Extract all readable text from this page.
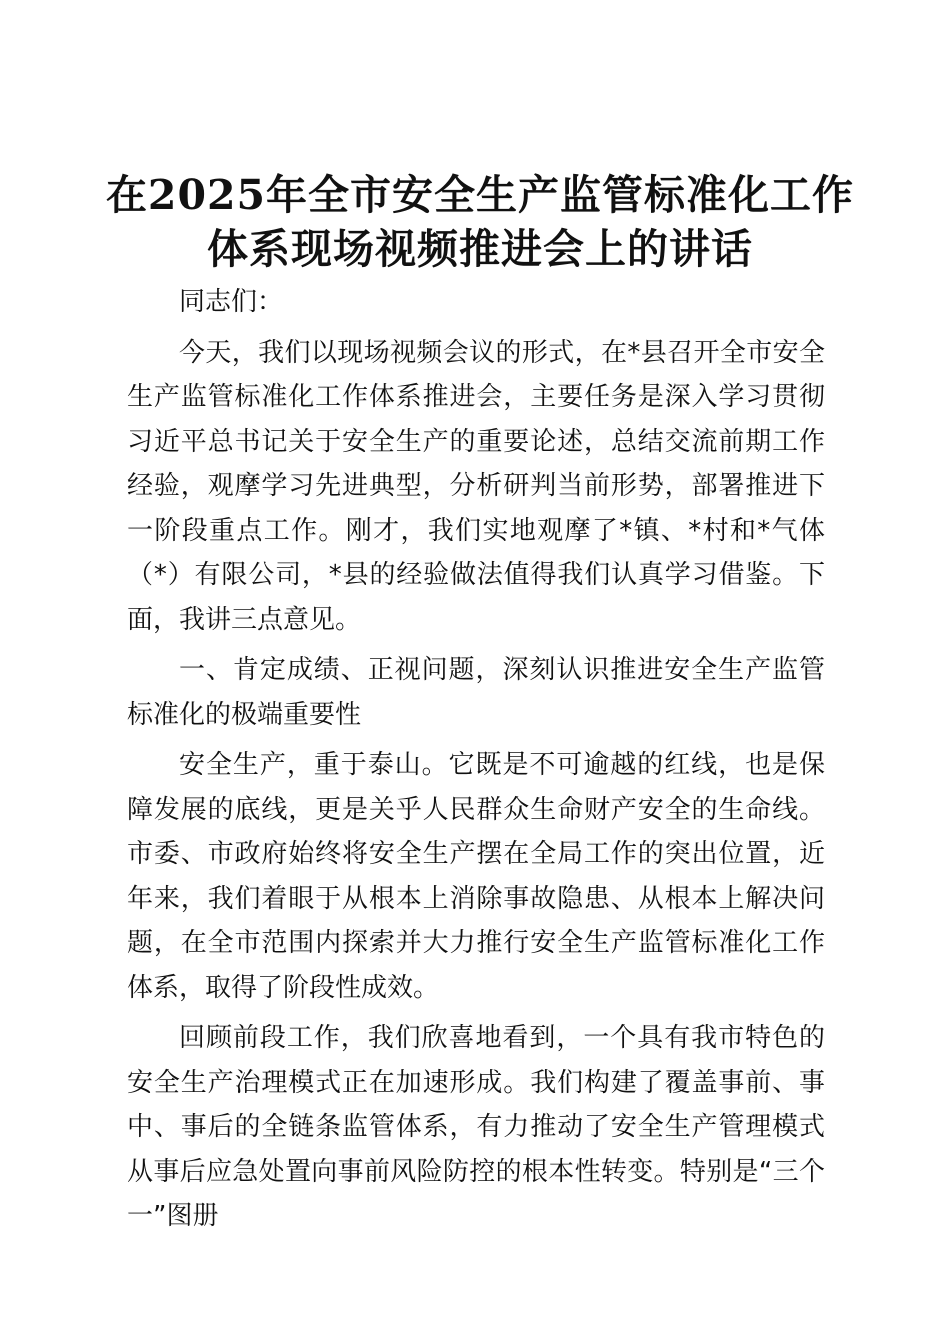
在2025年全市安全生产监管标准化工作体系现场视频推进会上的讲话

同志们：

今天，我们以现场视频会议的形式，在*县召开全市安全生产监管标准化工作体系推进会，主要任务是深入学习贯彻习近平总书记关于安全生产的重要论述，总结交流前期工作经验，观摩学习先进典型，分析研判当前形势，部署推进下一阶段重点工作。刚才，我们实地观摩了*镇、*村和*气体（*）有限公司，*县的经验做法值得我们认真学习借鉴。下面，我讲三点意见。

一、肯定成绩、正视问题，深刻认识推进安全生产监管标准化的极端重要性

安全生产，重于泰山。它既是不可逾越的红线，也是保障发展的底线，更是关乎人民群众生命财产安全的生命线。市委、市政府始终将安全生产摆在全局工作的突出位置，近年来，我们着眼于从根本上消除事故隐患、从根本上解决问题，在全市范围内探索并大力推行安全生产监管标准化工作体系，取得了阶段性成效。

回顾前段工作，我们欣喜地看到，一个具有我市特色的安全生产治理模式正在加速形成。我们构建了覆盖事前、事中、事后的全链条监管体系，有力推动了安全生产管理模式从事后应急处置向事前风险防控的根本性转变。特别是“三个一”图册
